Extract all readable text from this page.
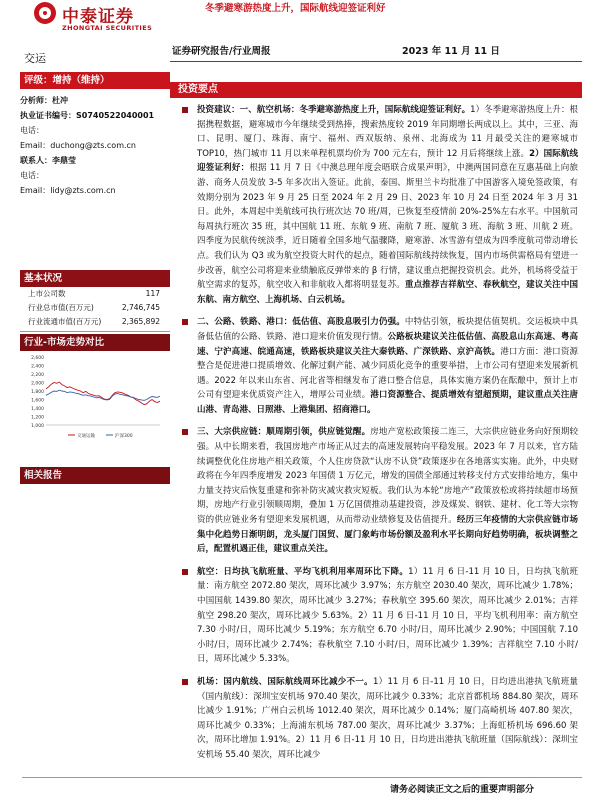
中泰证券
ZHONGTAI SECURITIES
冬季避寒游热度上升，国际航线迎签证利好
交运
证券研究报告/行业周报	2023 年 11 月 11 日
评级：增持（维持）
分析师：杜冲
执业证书编号：S0740522040001
电话：
Email：duchong@zts.com.cn
联系人：李鼎莹
电话：
Email：lidy@zts.com.cn
基本状况
上市公司数	117
行业总市值(百万元)	2,746,745
行业流通市值(百万元)	2,365,892
行业-市场走势对比
2,600
2,400
2,200
2,000
1,800
1,600
1,400
1,200
1,000
交通运输	沪深300
相关报告
投资要点
投资建议：一、航空机场：冬季避寒游热度上升，国际航线迎签证利好。1）冬季避寒游热度上升：根据携程数据，避寒城市今年继续受到热捧，搜索热度较 2019 年同期增长两成以上。其中，三亚、海口、昆明、厦门、珠海、南宁、福州、西双版纳、泉州、北海成为 11 月最受关注的避寒城市 TOP10，热门城市 11 月以来单程机票均价为 700 元左右，预计 12 月后将继续上涨。2）国际航线迎签证利好：根据 11 月 7 日《中澳总理年度会晤联合成果声明》，中澳两国同意在互惠基础上向旅游、商务人员发放 3-5 年多次出入签证。此前，泰国、斯里兰卡均批准了中国游客入境免签政策，有效期分别为 2023 年 9 月 25 日至 2024 年 2 月 29 日、2023 年 10 月 24 日至 2024 年 3 月 31 日。此外，本周起中美航线可执行班次达 70 班/周，已恢复至疫情前 20%-25%左右水平。中国航司每周执行班次 35 班，其中国航 11 班、东航 9 班、南航 7 班、厦航 3 班、海航 3 班、川航 2 班。四季度为民航传统淡季，近日随着全国多地气温骤降，避寒游、冰雪游有望成为四季度航司带动增长点。我们认为 Q3 或为航空投资大时代的起点，随着国际航线持续恢复，国内市场供需格局有望进一步改善，航空公司将迎来业绩触底反弹带来的 β 行情，建议重点把握投资机会。此外，机场将受益于航空需求的复苏，航空收入和非航收入都将明显复苏。重点推荐吉祥航空、春秋航空，建议关注中国东航、南方航空、上海机场、白云机场。
二、公路、铁路、港口：低估值、高股息吸引力仍强。中特估引领，板块提估值契机。交运板块中具备低估值的公路、铁路、港口迎来价值发现行情。公路板块建议关注低估值、高股息山东高速、粤高速、宁沪高速、皖通高速，铁路板块建议关注大秦铁路、广深铁路、京沪高铁。港口方面：港口资源整合是促进港口提质增效、化解过剩产能、减少同质化竞争的重要举措，上市公司有望迎来发展新机遇。2022 年以来山东省、河北省等相继发布了港口整合信息，具体实施方案仍在酝酿中，预计上市公司有望迎来优质资产注入，增厚公司业绩。港口资源整合、提质增效有望超预期，建议重点关注唐山港、青岛港、日照港、上港集团、招商港口。
三、大宗供应链：顺周期引领，供应链觉醒。房地产宽松政策接二连三，大宗供应链业务向好预期较强。从中长期来看，我国房地产市场正从过去的高速发展转向平稳发展。2023 年 7 月以来，官方陆续调整优化住房地产相关政策，个人住房贷款“认房不认贷”政策逐步在各地落实实施。此外，中央财政将在今年四季度增发 2023 年国债 1 万亿元，增发的国债全部通过转移支付方式安排给地方，集中力量支持灾后恢复重建和弥补防灾减灾救灾短板。我们认为本轮“房地产”政策放松或将持续超市场预期，房地产行业引领顺周期，叠加 1 万亿国债推动基建投资，涉及煤炭、钢铁、建材、化工等大宗物资的供应链业务有望迎来发展机遇，从而带动业绩修复及估值提升。经历三年疫情的大宗供应链市场集中化趋势日渐明朗，龙头厦门国贸、厦门象屿市场份额及盈利水平长期向好趋势明确，板块调整之后，配置机遇正佳，建议重点关注。
航空：日均执飞航班量、平均飞机利用率周环比下降。1）11 月 6 日-11 月 10 日，日均执飞航班量：南方航空 2072.80 架次，周环比减少 3.97%；东方航空 2030.40 架次，周环比减少 1.78%；中国国航 1439.80 架次，周环比减少 3.27%；春秋航空 395.60 架次，周环比减少 2.01%；吉祥航空 298.20 架次，周环比减少 5.63%。2）11 月 6 日-11 月 10 日，平均飞机利用率：南方航空 7.30 小时/日，周环比减少 5.19%；东方航空 6.70 小时/日，周环比减少 2.90%；中国国航 7.10 小时/日，周环比减少 2.74%；春秋航空 7.10 小时/日，周环比减少 1.39%；吉祥航空 7.10 小时/日，周环比减少 5.33%。
机场：国内航线、国际航线周环比减少不一。1）11 月 6 日-11 月 10 日，日均进出港执飞航班量（国内航线）：深圳宝安机场 970.40 架次，周环比减少 0.33%；北京首都机场 884.80 架次，周环比减少 1.91%；广州白云机场 1012.40 架次，周环比减少 0.14%；厦门高崎机场 407.80 架次，周环比减少 0.33%；上海浦东机场 787.00 架次，周环比减少 3.37%；上海虹桥机场 696.60 架次，周环比增加 1.91%。2）11 月 6 日-11 月 10 日，日均进出港执飞航班量（国际航线）：深圳宝安机场 55.40 架次，周环比减少
请务必阅读正文之后的重要声明部分
